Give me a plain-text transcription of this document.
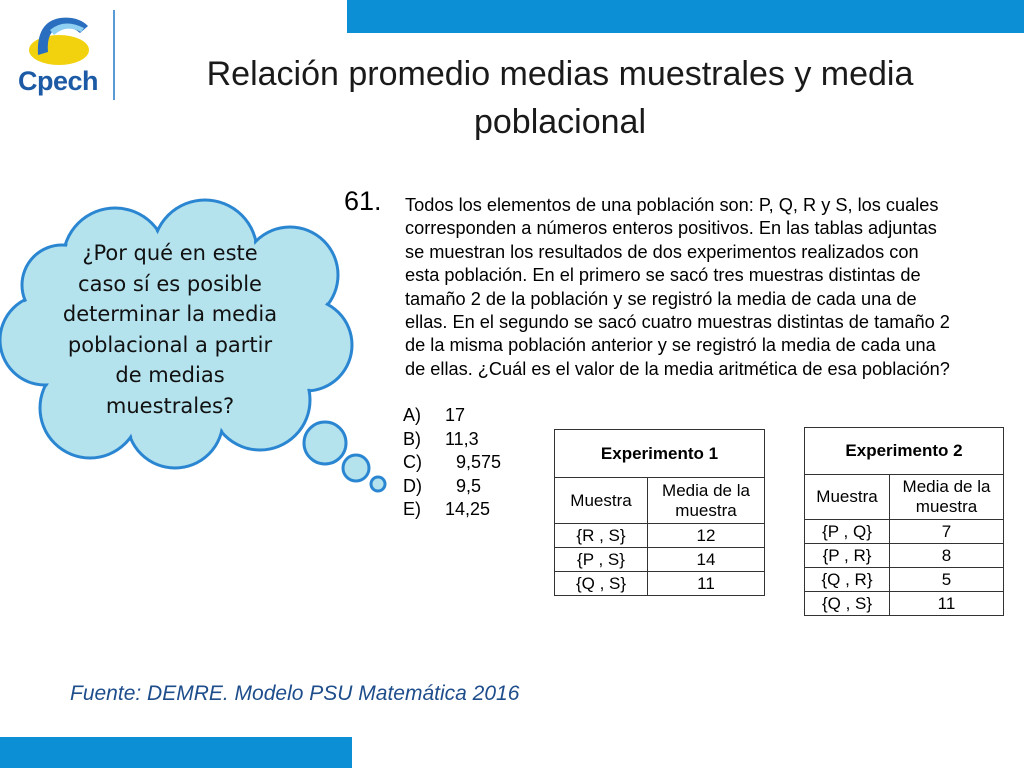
Cpech	Relación promedio medias muestrales y media
poblacional
¿Por qué en este
caso sí es posible
determinar la media
poblacional a partir
de medias
muestrales?
61. Todos los elementos de una población son: P, Q, R y S, los cuales
corresponden a números enteros positivos. En las tablas adjuntas
se muestran los resultados de dos experimentos realizados con
esta población. En el primero se sacó tres muestras distintas de
tamaño 2 de la población y se registró la media de cada una de
ellas. En el segundo se sacó cuatro muestras distintas de tamaño 2
de la misma población anterior y se registró la media de cada una
de ellas. ¿Cuál es el valor de la media aritmética de esa población?
A)	17
B)	11,3
C)	9,575
D)	9,5
E)	14,25
Experimento 1	
Muestra	Media de la
muestra

{R , S}	12
{P , S}	14
{Q , S}	11
Experimento 2	
Muestra	Media de la
muestra

{P , Q}	7
{P , R}	8
{Q , R}	5
{Q , S}	11
Fuente: DEMRE. Modelo PSU Matemática 2016
